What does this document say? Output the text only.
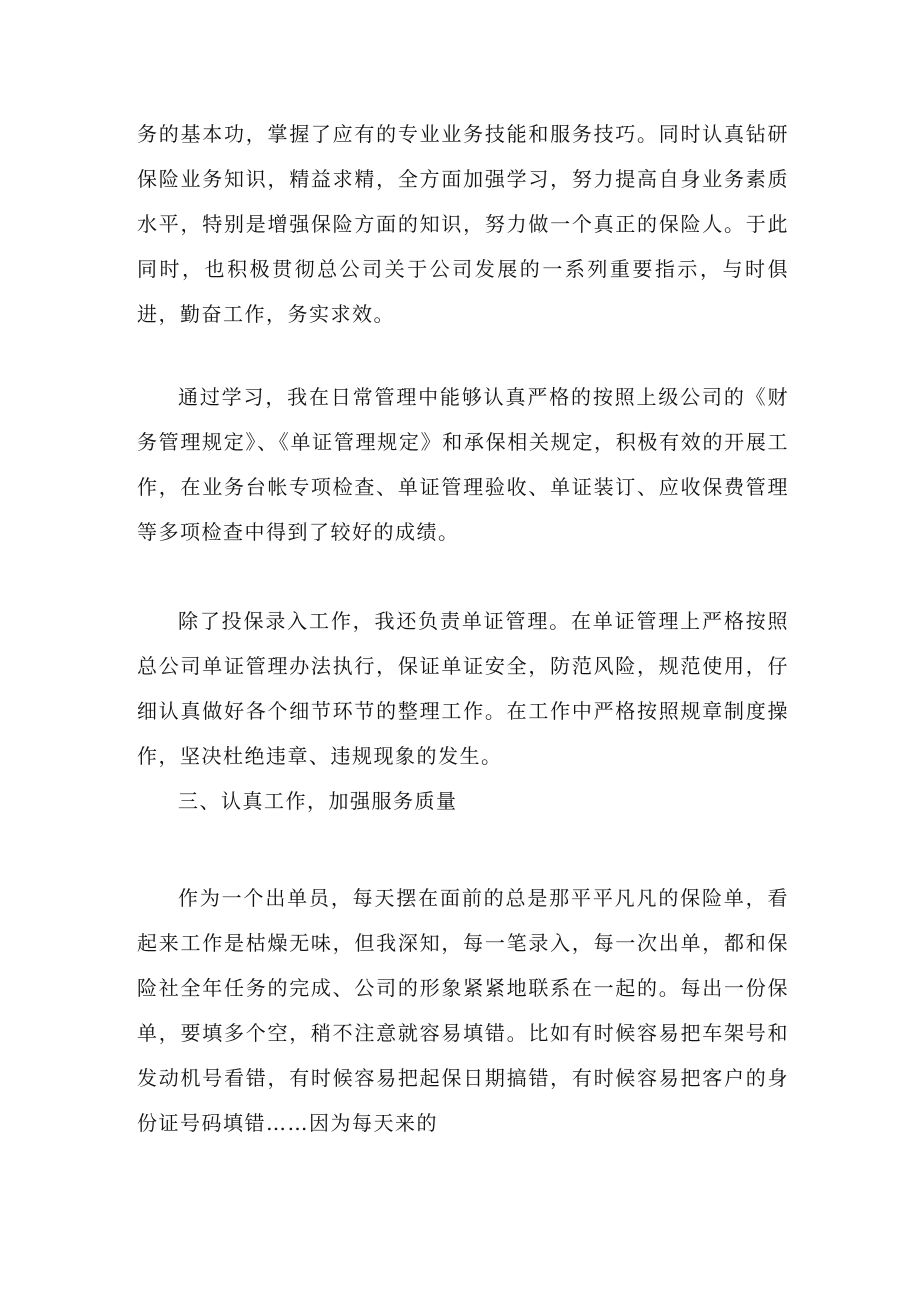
务的基本功，掌握了应有的专业业务技能和服务技巧。同时认真钻研保险业务知识，精益求精，全方面加强学习，努力提高自身业务素质水平，特别是增强保险方面的知识，努力做一个真正的保险人。于此同时，也积极贯彻总公司关于公司发展的一系列重要指示，与时俱进，勤奋工作，务实求效。

通过学习，我在日常管理中能够认真严格的按照上级公司的《财务管理规定》、《单证管理规定》和承保相关规定，积极有效的开展工作，在业务台帐专项检查、单证管理验收、单证装订、应收保费管理等多项检查中得到了较好的成绩。

除了投保录入工作，我还负责单证管理。在单证管理上严格按照总公司单证管理办法执行，保证单证安全，防范风险，规范使用，仔细认真做好各个细节环节的整理工作。在工作中严格按照规章制度操作，坚决杜绝违章、违规现象的发生。

三、认真工作，加强服务质量

作为一个出单员，每天摆在面前的总是那平平凡凡的保险单，看起来工作是枯燥无味，但我深知，每一笔录入，每一次出单，都和保险社全年任务的完成、公司的形象紧紧地联系在一起的。每出一份保单，要填多个空，稍不注意就容易填错。比如有时候容易把车架号和发动机号看错，有时候容易把起保日期搞错，有时候容易把客户的身份证号码填错……因为每天来的
